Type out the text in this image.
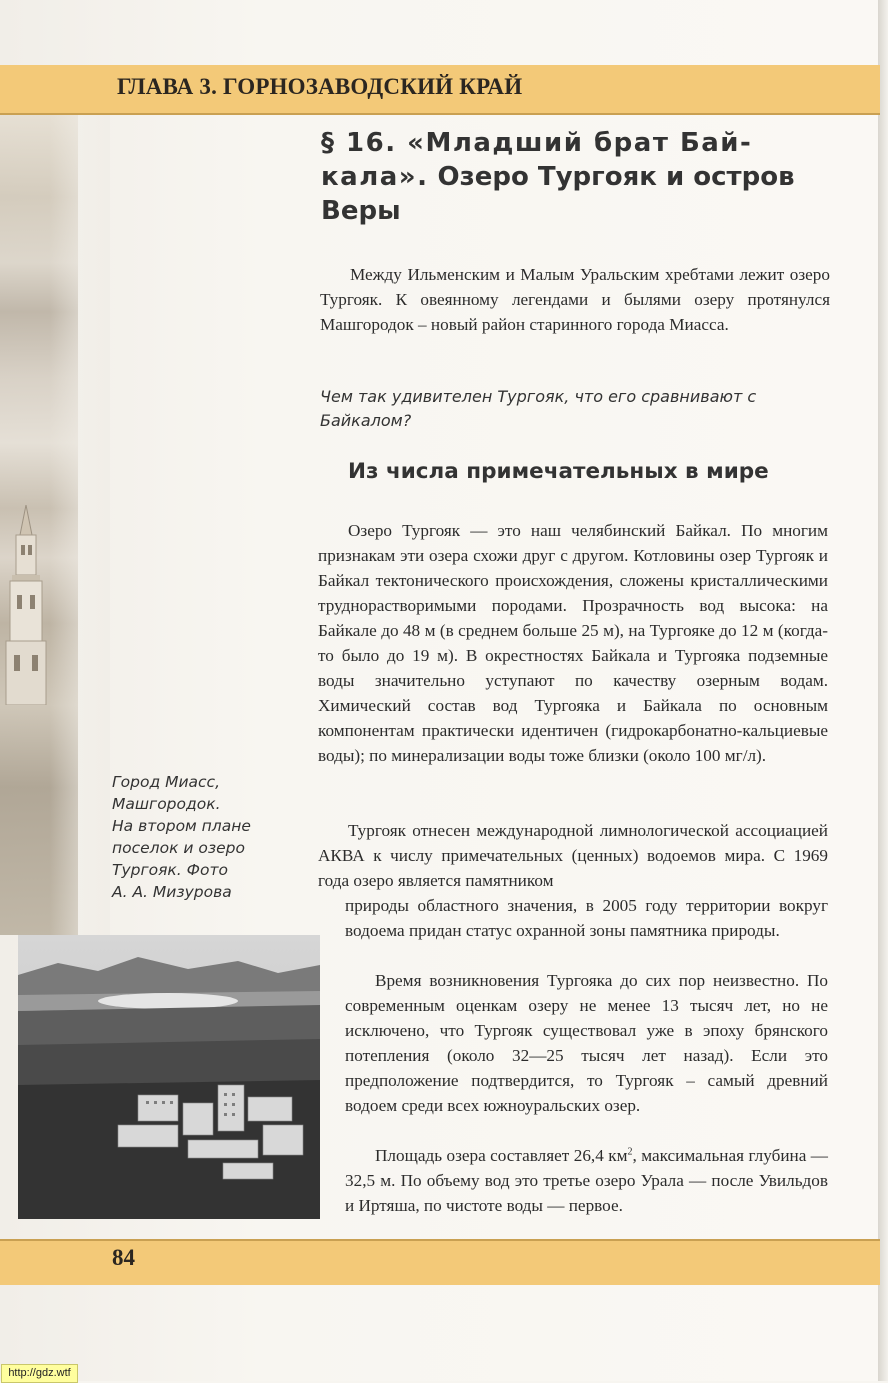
ГЛАВА 3. ГОРНОЗАВОДСКИЙ КРАЙ
§ 16. «Младший брат Бай-кала». Озеро Тургояк и остров Веры

Между Ильменским и Малым Уральским хребтами лежит озеро Тургояк. К овеянному легендами и былями озеру протянулся Машгородок – новый район старинного города Миасса.

Чем так удивителен Тургояк, что его сравнивают с Байкалом?

Из числа примечательных в мире

Озеро Тургояк — это наш челябинский Байкал. По многим признакам эти озера схожи друг с другом. Котловины озер Тургояк и Байкал тектонического происхождения, сложены кристаллическими труднорастворимыми породами. Прозрачность вод высока: на Байкале до 48 м (в среднем больше 25 м), на Тургояке до 12 м (когда-то было до 19 м). В окрестностях Байкала и Тургояка подземные воды значительно уступают по качеству озерным водам. Химический состав вод Тургояка и Байкала по основным компонентам практически идентичен (гидрокарбонатно-кальциевые воды); по минерализации воды тоже близки (около 100 мг/л).

Тургояк отнесен международной лимнологической ассоциацией АКВА к числу примечательных (ценных) водоемов мира. С 1969 года озеро является памятником

природы областного значения, в 2005 году территории вокруг водоема придан статус охранной зоны памятника природы.

Время возникновения Тургояка до сих пор неизвестно. По современным оценкам озеру не менее 13 тысяч лет, но не исключено, что Тургояк существовал уже в эпоху брянского потепления (около 32—25 тысяч лет назад). Если это предположение подтвердится, то Тургояк – самый древний водоем среди всех южноуральских озер.

Площадь озера составляет 26,4 $км^2$, максимальная глубина — 32,5 м. По объему вод это третье озеро Урала — после Увильдов и Иртяша, по чистоте воды — первое.

Город Миасс,
Машгородок.
На втором плане
поселок и озеро
Тургояк. Фото
А. А. Мизурова

84
http://gdz.wtf
